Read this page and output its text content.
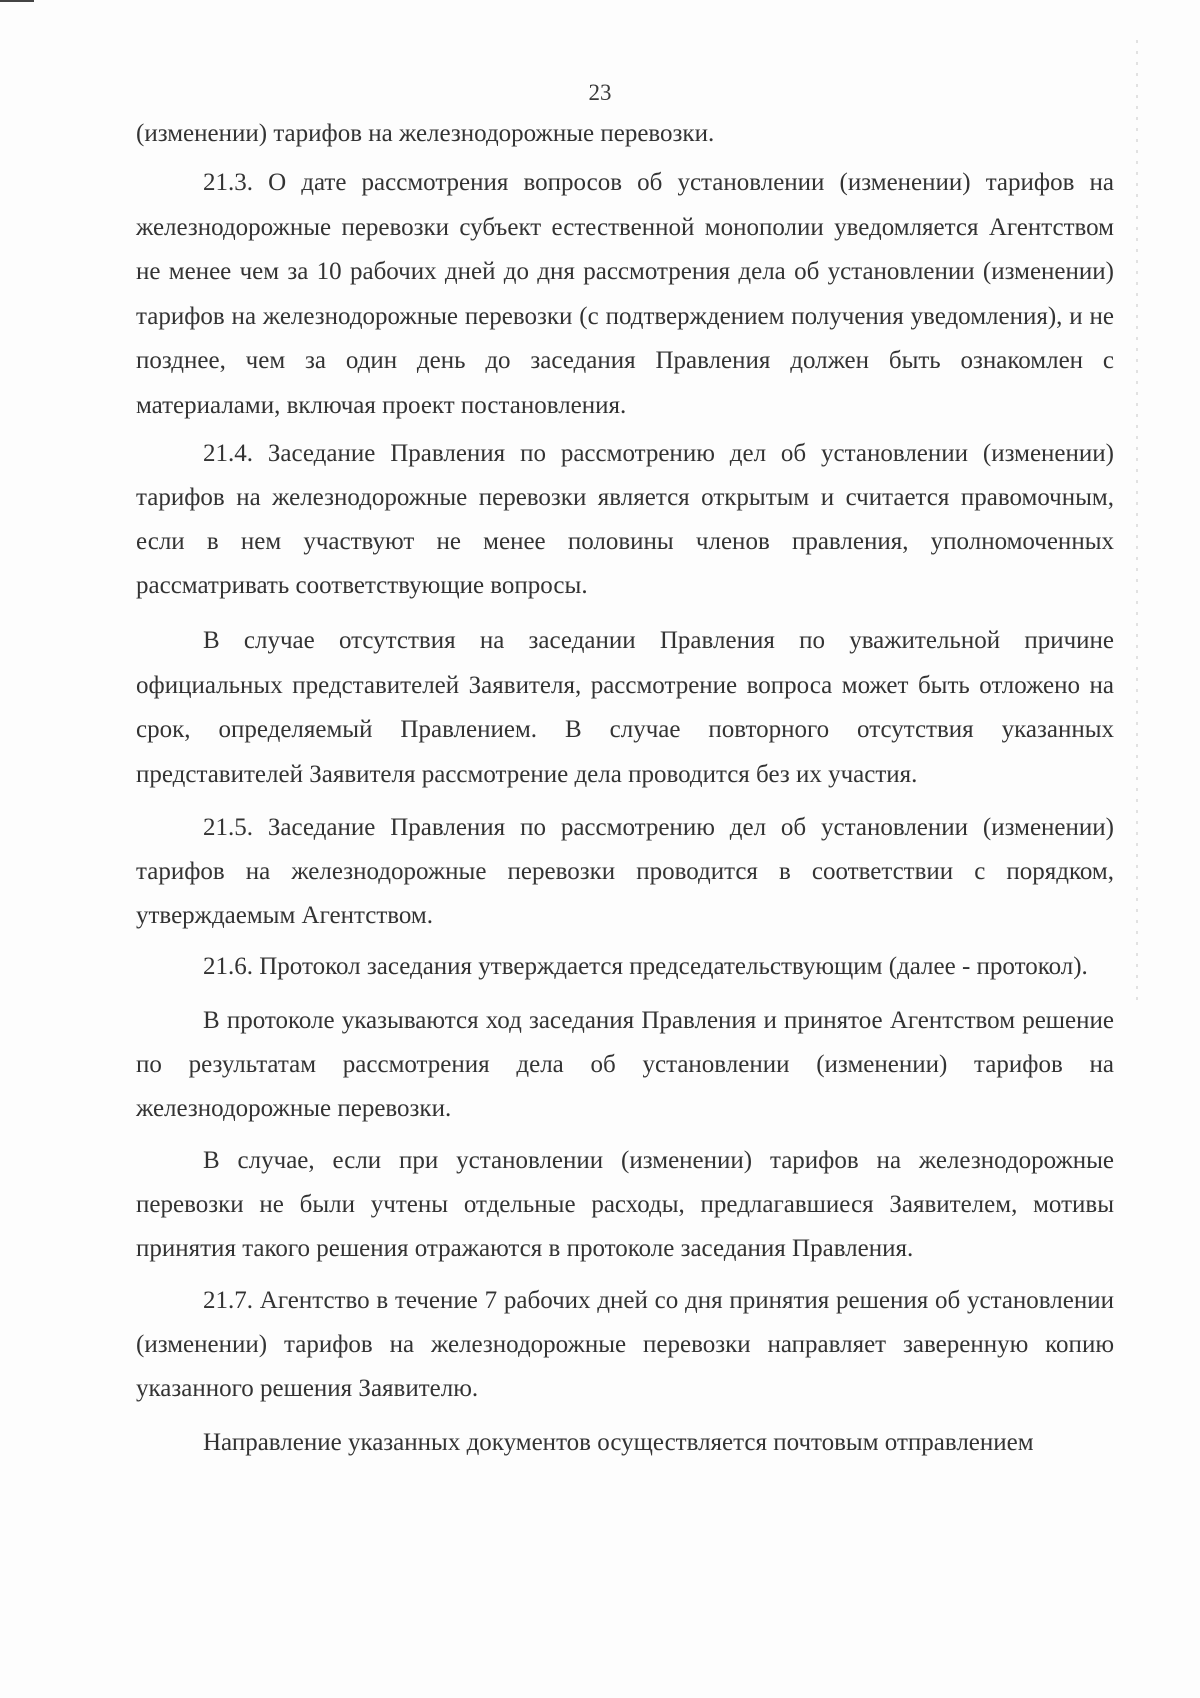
23

(изменении) тарифов на железнодорожные перевозки.

21.3. О дате рассмотрения вопросов об установлении (изменении) тарифов на железнодорожные перевозки субъект естественной монополии уведомляется Агентством не менее чем за 10 рабочих дней до дня рассмотрения дела об установлении (изменении) тарифов на железнодорожные перевозки (с подтверждением получения уведомления), и не позднее, чем за один день до заседания Правления должен быть ознакомлен с материалами, включая проект постановления.

21.4. Заседание Правления по рассмотрению дел об установлении (изменении) тарифов на железнодорожные перевозки является открытым и считается правомочным, если в нем участвуют не менее половины членов правления, уполномоченных рассматривать соответствующие вопросы.

В случае отсутствия на заседании Правления по уважительной причине официальных представителей Заявителя, рассмотрение вопроса может быть отложено на срок, определяемый Правлением. В случае повторного отсутствия указанных представителей Заявителя рассмотрение дела проводится без их участия.

21.5. Заседание Правления по рассмотрению дел об установлении (изменении) тарифов на железнодорожные перевозки проводится в соответствии с порядком, утверждаемым Агентством.

21.6. Протокол заседания утверждается председательствующим (далее - протокол).

В протоколе указываются ход заседания Правления и принятое Агентством решение по результатам рассмотрения дела об установлении (изменении) тарифов на железнодорожные перевозки.

В случае, если при установлении (изменении) тарифов на железнодорожные перевозки не были учтены отдельные расходы, предлагавшиеся Заявителем, мотивы принятия такого решения отражаются в протоколе заседания Правления.

21.7. Агентство в течение 7 рабочих дней со дня принятия решения об установлении (изменении) тарифов на железнодорожные перевозки направляет заверенную копию указанного решения Заявителю.

Направление указанных документов осуществляется почтовым отправлением
